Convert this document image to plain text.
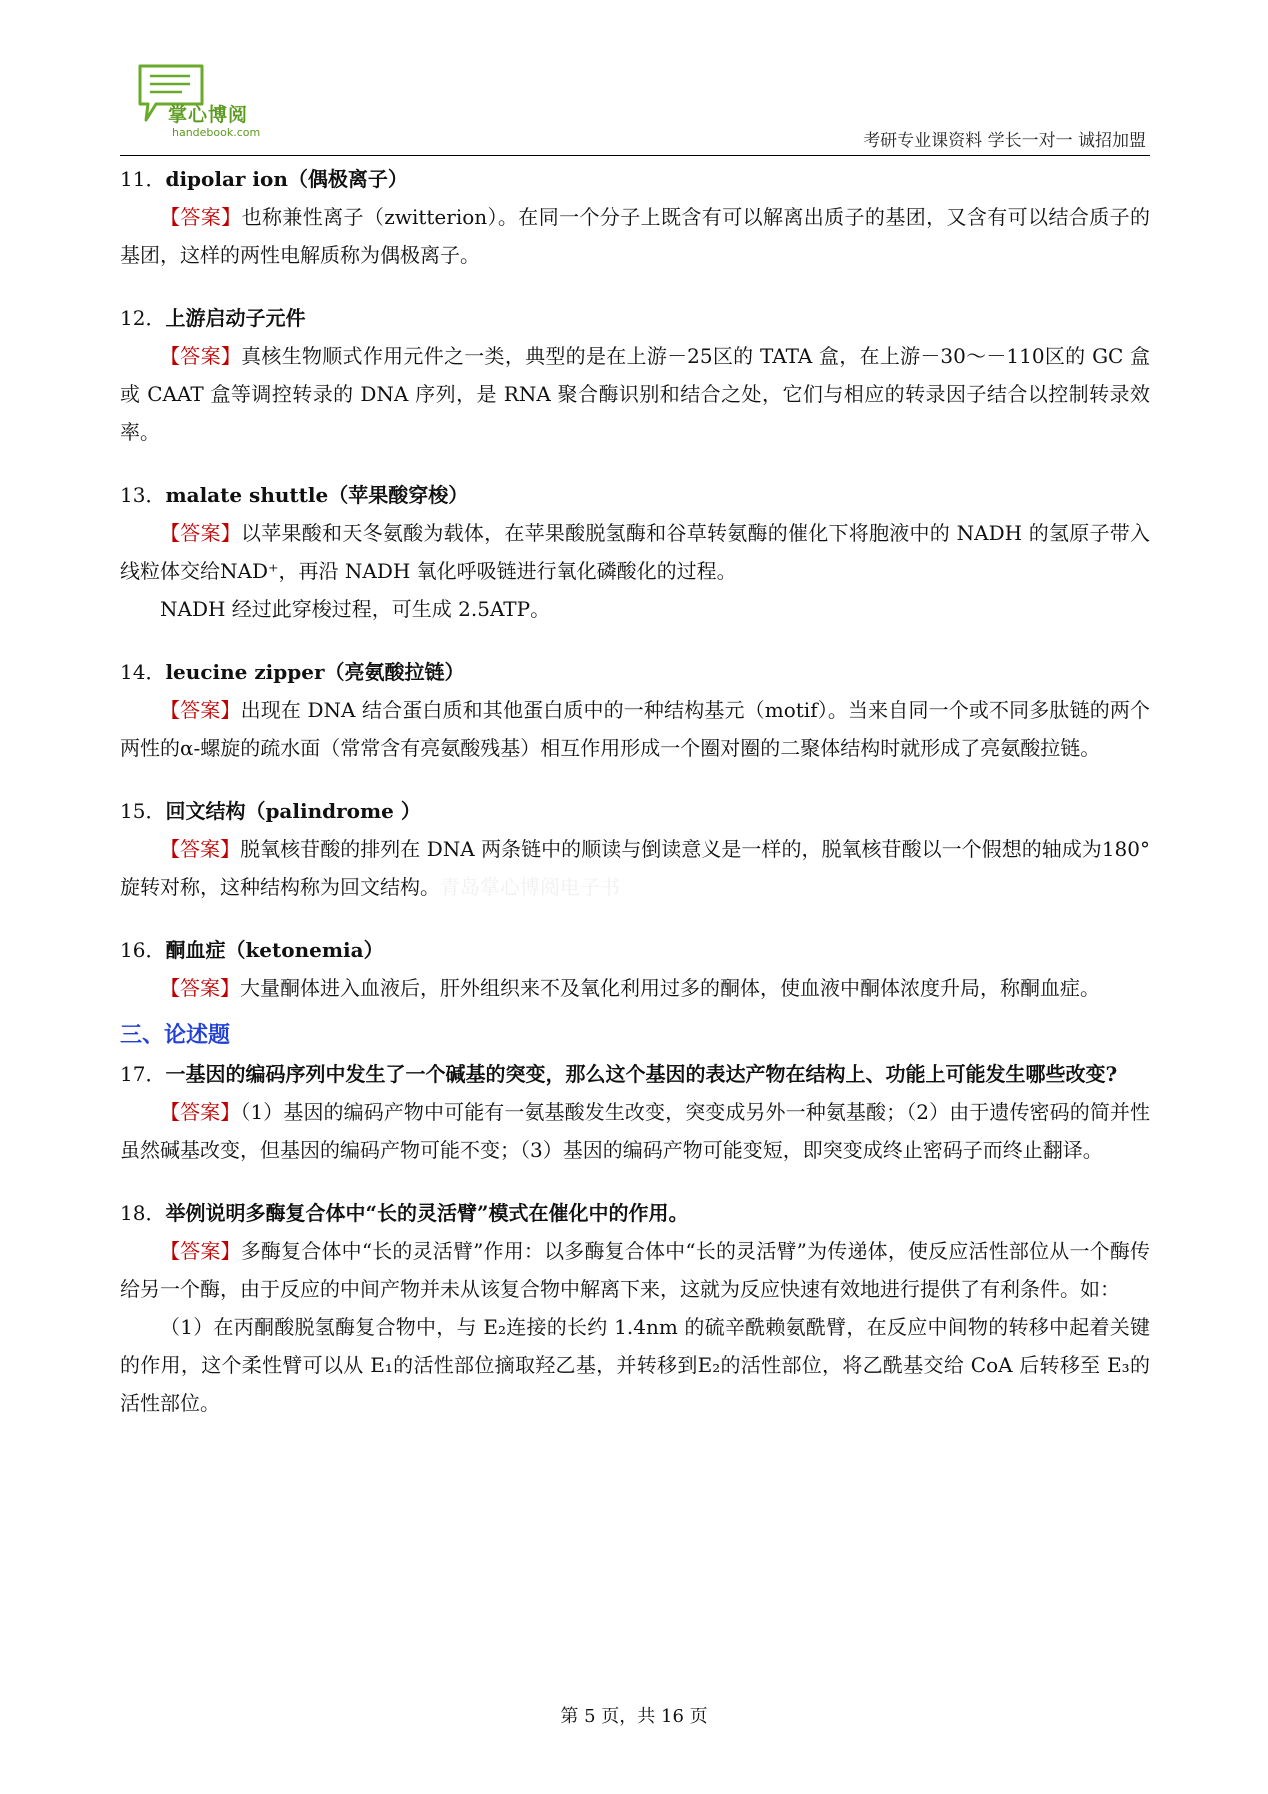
掌心博阅
handebook.com	考研专业课资料 学长一对一 诚招加盟

11．dipolar ion（偶极离子）

【答案】也称兼性离子（zwitterion）。在同一个分子上既含有可以解离出质子的基团，又含有可以结合质子的基团，这样的两性电解质称为偶极离子。

12．上游启动子元件

【答案】真核生物顺式作用元件之一类，典型的是在上游－25区的 TATA 盒，在上游－30～－110区的 GC 盒或 CAAT 盒等调控转录的 DNA 序列，是 RNA 聚合酶识别和结合之处，它们与相应的转录因子结合以控制转录效率。

13．malate shuttle（苹果酸穿梭）

【答案】以苹果酸和天冬氨酸为载体，在苹果酸脱氢酶和谷草转氨酶的催化下将胞液中的 NADH 的氢原子带入线粒体交给NAD⁺，再沿 NADH 氧化呼吸链进行氧化磷酸化的过程。

NADH 经过此穿梭过程，可生成 2.5ATP。

14．leucine zipper（亮氨酸拉链）

【答案】出现在 DNA 结合蛋白质和其他蛋白质中的一种结构基元（motif）。当来自同一个或不同多肽链的两个两性的α-螺旋的疏水面（常常含有亮氨酸残基）相互作用形成一个圈对圈的二聚体结构时就形成了亮氨酸拉链。

15．回文结构（palindrome ）

【答案】脱氧核苷酸的排列在 DNA 两条链中的顺读与倒读意义是一样的，脱氧核苷酸以一个假想的轴成为180°旋转对称，这种结构称为回文结构。青岛掌心博阅电子书

16．酮血症（ketonemia）

【答案】大量酮体进入血液后，肝外组织来不及氧化利用过多的酮体，使血液中酮体浓度升局，称酮血症。

三、论述题

17．一基因的编码序列中发生了一个碱基的突变，那么这个基因的表达产物在结构上、功能上可能发生哪些改变?

【答案】（1）基因的编码产物中可能有一氨基酸发生改变，突变成另外一种氨基酸；（2）由于遗传密码的简并性虽然碱基改变，但基因的编码产物可能不变；（3）基因的编码产物可能变短，即突变成终止密码子而终止翻译。

18．举例说明多酶复合体中“长的灵活臂”模式在催化中的作用。

【答案】多酶复合体中“长的灵活臂”作用：以多酶复合体中“长的灵活臂”为传递体，使反应活性部位从一个酶传给另一个酶，由于反应的中间产物并未从该复合物中解离下来，这就为反应快速有效地进行提供了有利条件。如：

（1）在丙酮酸脱氢酶复合物中，与 E₂连接的长约 1.4nm 的硫辛酰赖氨酰臂，在反应中间物的转移中起着关键的作用，这个柔性臂可以从 E₁的活性部位摘取羟乙基，并转移到E₂的活性部位，将乙酰基交给 CoA 后转移至 E₃的活性部位。

第 5 页，共 16 页
